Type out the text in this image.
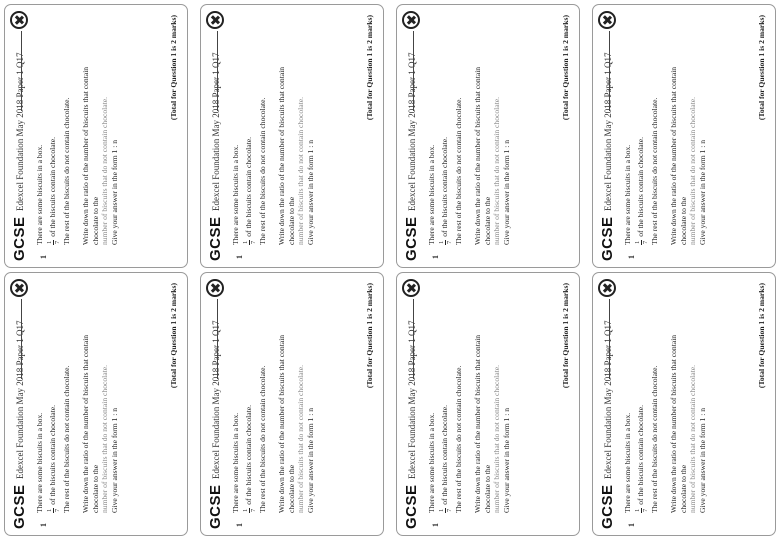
GCSE
Edexcel Foundation May 2018 Paper 1 Q17
1

There are some biscuits in a box. 1 7
of the biscuits contain chocolate. The rest of the biscuits do not contain chocolate. Write down the ratio of the number of biscuits that contain chocolate to the number of biscuits that do not contain chocolate. Give your answer in the form 1 : n

(Total for Question 1 is 2 marks)
GCSE
Edexcel Foundation May 2018 Paper 1 Q17
1

There are some biscuits in a box. 1 7
of the biscuits contain chocolate. The rest of the biscuits do not contain chocolate. Write down the ratio of the number of biscuits that contain chocolate to the number of biscuits that do not contain chocolate. Give your answer in the form 1 : n

(Total for Question 1 is 2 marks)
GCSE
Edexcel Foundation May 2018 Paper 1 Q17
1

There are some biscuits in a box. 1 7
of the biscuits contain chocolate. The rest of the biscuits do not contain chocolate. Write down the ratio of the number of biscuits that contain chocolate to the number of biscuits that do not contain chocolate. Give your answer in the form 1 : n

(Total for Question 1 is 2 marks)
GCSE
Edexcel Foundation May 2018 Paper 1 Q17
1

There are some biscuits in a box. 1 7
of the biscuits contain chocolate. The rest of the biscuits do not contain chocolate. Write down the ratio of the number of biscuits that contain chocolate to the number of biscuits that do not contain chocolate. Give your answer in the form 1 : n

(Total for Question 1 is 2 marks)
GCSE
Edexcel Foundation May 2018 Paper 1 Q17
1

There are some biscuits in a box. 1 7
of the biscuits contain chocolate. The rest of the biscuits do not contain chocolate. Write down the ratio of the number of biscuits that contain chocolate to the number of biscuits that do not contain chocolate. Give your answer in the form 1 : n

(Total for Question 1 is 2 marks)
GCSE
Edexcel Foundation May 2018 Paper 1 Q17
1

There are some biscuits in a box. 1 7
of the biscuits contain chocolate. The rest of the biscuits do not contain chocolate. Write down the ratio of the number of biscuits that contain chocolate to the number of biscuits that do not contain chocolate. Give your answer in the form 1 : n

(Total for Question 1 is 2 marks)
GCSE
Edexcel Foundation May 2018 Paper 1 Q17
1

There are some biscuits in a box. 1 7
of the biscuits contain chocolate. The rest of the biscuits do not contain chocolate. Write down the ratio of the number of biscuits that contain chocolate to the number of biscuits that do not contain chocolate. Give your answer in the form 1 : n

(Total for Question 1 is 2 marks)
GCSE
Edexcel Foundation May 2018 Paper 1 Q17
1

There are some biscuits in a box. 1 7
of the biscuits contain chocolate. The rest of the biscuits do not contain chocolate. Write down the ratio of the number of biscuits that contain chocolate to the number of biscuits that do not contain chocolate. Give your answer in the form 1 : n

(Total for Question 1 is 2 marks)
